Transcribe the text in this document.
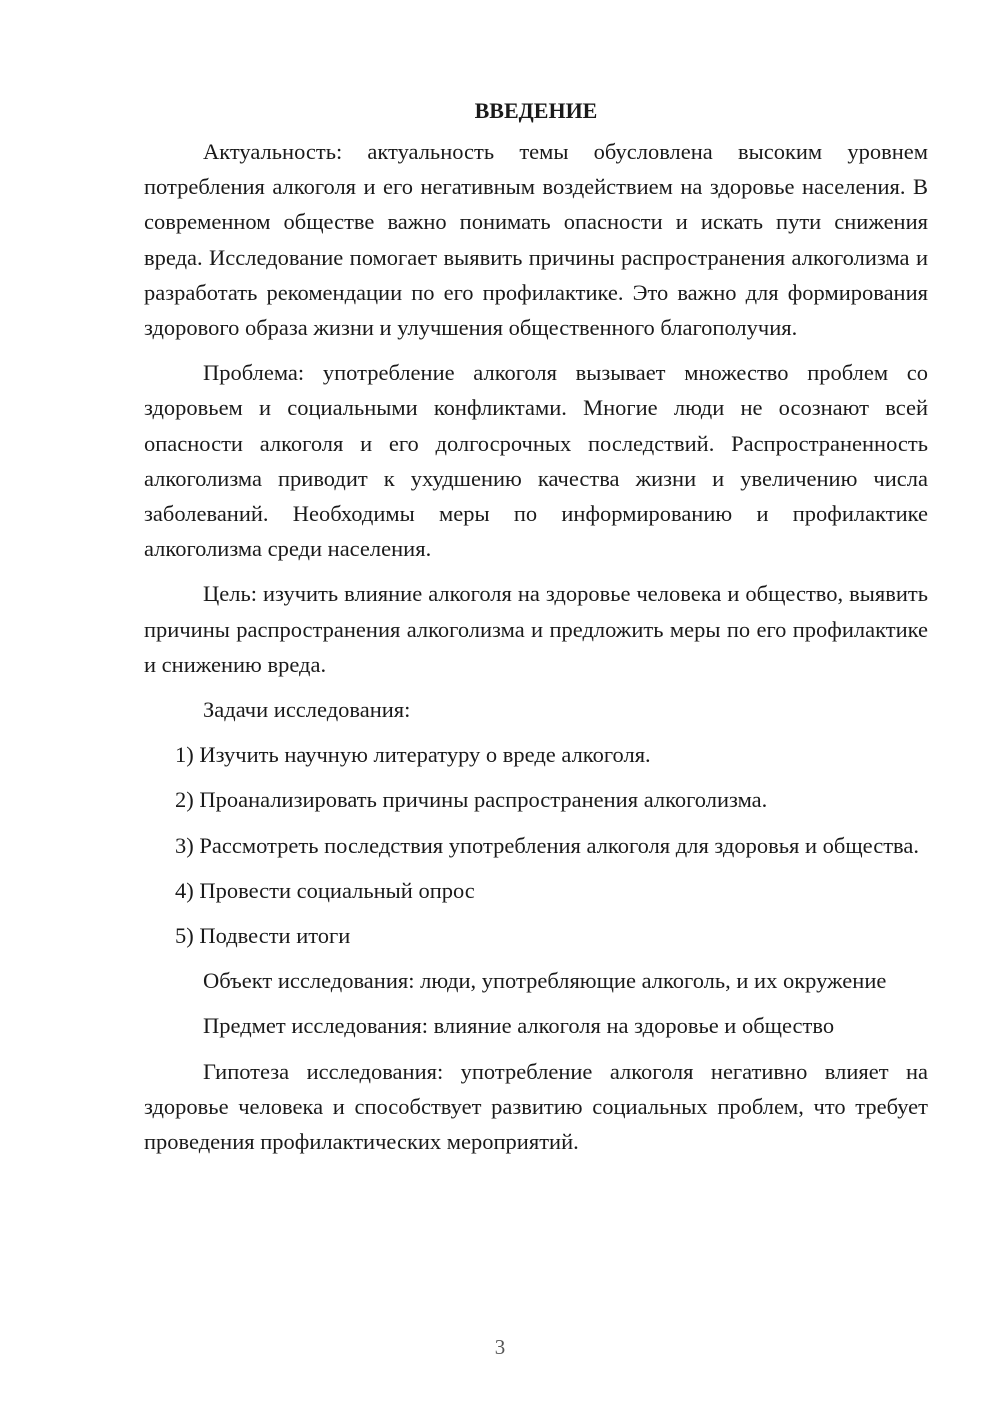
ВВЕДЕНИЕ

Актуальность: актуальность темы обусловлена высоким уровнем потребления алкоголя и его негативным воздействием на здоровье населения. В современном обществе важно понимать опасности и искать пути снижения вреда. Исследование помогает выявить причины распространения алкоголизма и разработать рекомендации по его профилактике. Это важно для формирования здорового образа жизни и улучшения общественного благополучия.

Проблема: употребление алкоголя вызывает множество проблем со здоровьем и социальными конфликтами. Многие люди не осознают всей опасности алкоголя и его долгосрочных последствий. Распространенность алкоголизма приводит к ухудшению качества жизни и увеличению числа заболеваний. Необходимы меры по информированию и профилактике алкоголизма среди населения.

Цель: изучить влияние алкоголя на здоровье человека и общество, выявить причины распространения алкоголизма и предложить меры по его профилактике и снижению вреда.

Задачи исследования:

1) Изучить научную литературу о вреде алкоголя.

2) Проанализировать причины распространения алкоголизма.

3) Рассмотреть последствия употребления алкоголя для здоровья и общества.

4) Провести социальный опрос

5) Подвести итоги

Объект исследования: люди, употребляющие алкоголь, и их окружение

Предмет исследования: влияние алкоголя на здоровье и общество

Гипотеза исследования: употребление алкоголя негативно влияет на здоровье человека и способствует развитию социальных проблем, что требует проведения профилактических мероприятий.

3
